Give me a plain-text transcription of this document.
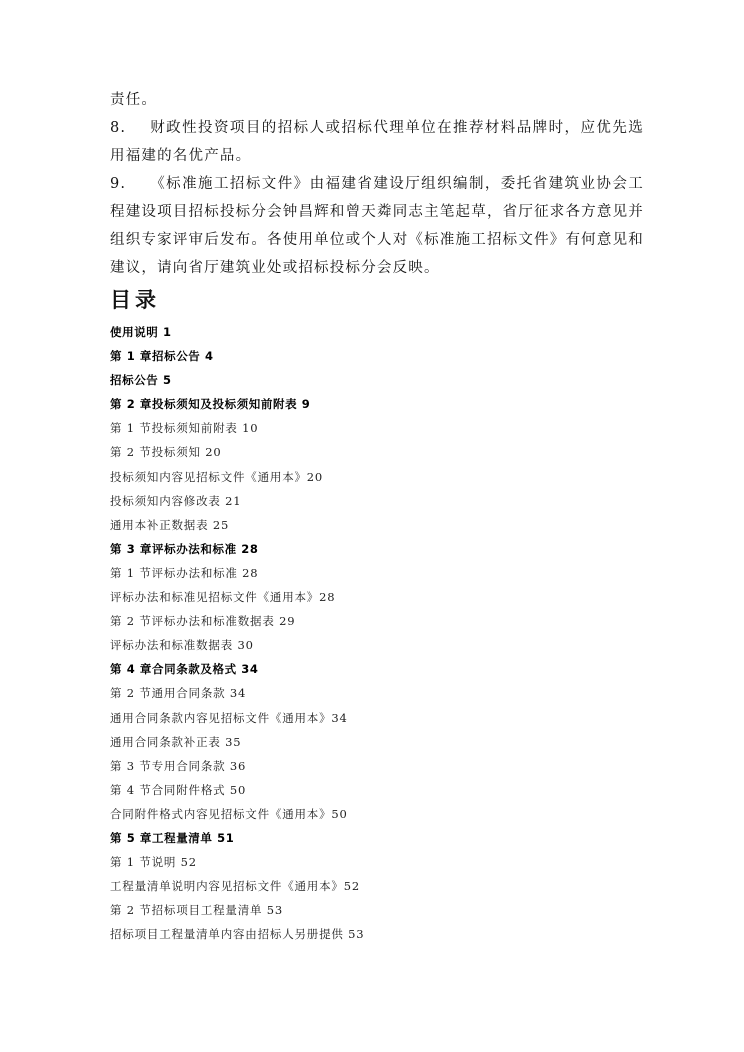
责任。

8. 财政性投资项目的招标人或招标代理单位在推荐材料品牌时，应优先选用福建的名优产品。

9. 《标准施工招标文件》由福建省建设厅组织编制，委托省建筑业协会工程建设项目招标投标分会钟昌辉和曾天粦同志主笔起草，省厅征求各方意见并组织专家评审后发布。各使用单位或个人对《标准施工招标文件》有何意见和建议，请向省厅建筑业处或招标投标分会反映。

目录
使用说明 1
第 1 章招标公告 4
招标公告 5
第 2 章投标须知及投标须知前附表 9
第 1 节投标须知前附表 10
第 2 节投标须知 20
投标须知内容见招标文件《通用本》20
投标须知内容修改表 21
通用本补正数据表 25
第 3 章评标办法和标准 28
第 1 节评标办法和标准 28
评标办法和标准见招标文件《通用本》28
第 2 节评标办法和标准数据表 29
评标办法和标准数据表 30
第 4 章合同条款及格式 34
第 2 节通用合同条款 34
通用合同条款内容见招标文件《通用本》34
通用合同条款补正表 35
第 3 节专用合同条款 36
第 4 节合同附件格式 50
合同附件格式内容见招标文件《通用本》50
第 5 章工程量清单 51
第 1 节说明 52
工程量清单说明内容见招标文件《通用本》52
第 2 节招标项目工程量清单 53
招标项目工程量清单内容由招标人另册提供 53
